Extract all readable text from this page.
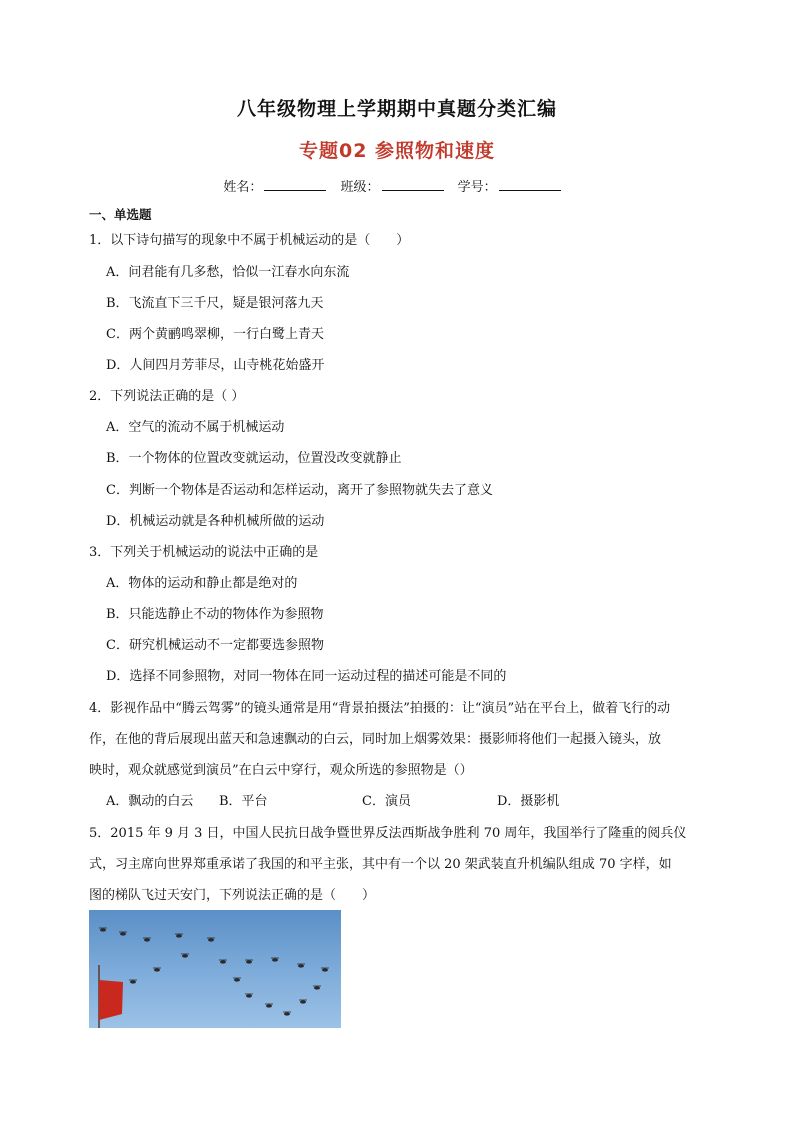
八年级物理上学期期中真题分类汇编
专题02 参照物和速度
姓名：	班级：	学号：
一、单选题
1．以下诗句描写的现象中不属于机械运动的是（　　）
A．问君能有几多愁，恰似一江春水向东流
B．飞流直下三千尺，疑是银河落九天
C．两个黄鹂鸣翠柳，一行白鹭上青天
D．人间四月芳菲尽，山寺桃花始盛开
2．下列说法正确的是（ ）
A．空气的流动不属于机械运动
B．一个物体的位置改变就运动，位置没改变就静止
C．判断一个物体是否运动和怎样运动，离开了参照物就失去了意义
D．机械运动就是各种机械所做的运动
3．下列关于机械运动的说法中正确的是
A．物体的运动和静止都是绝对的
B．只能选静止不动的物体作为参照物
C．研究机械运动不一定都要选参照物
D．选择不同参照物，对同一物体在同一运动过程的描述可能是不同的
4．影视作品中“腾云驾雾”的镜头通常是用“背景拍摄法”拍摄的：让“演员”站在平台上，做着飞行的动
作，在他的背后展现出蓝天和急速飘动的白云，同时加上烟雾效果：摄影师将他们一起摄入镜头，放
映时，观众就感觉到演员”在白云中穿行，观众所选的参照物是（）
A．飘动的白云 B．平台	C．演员	D．摄影机
5．2015 年 9 月 3 日，中国人民抗日战争暨世界反法西斯战争胜利 70 周年，我国举行了隆重的阅兵仪
式，习主席向世界郑重承诺了我国的和平主张，其中有一个以 20 架武装直升机编队组成 70 字样，如
图的梯队飞过天安门，下列说法正确的是（　　）
